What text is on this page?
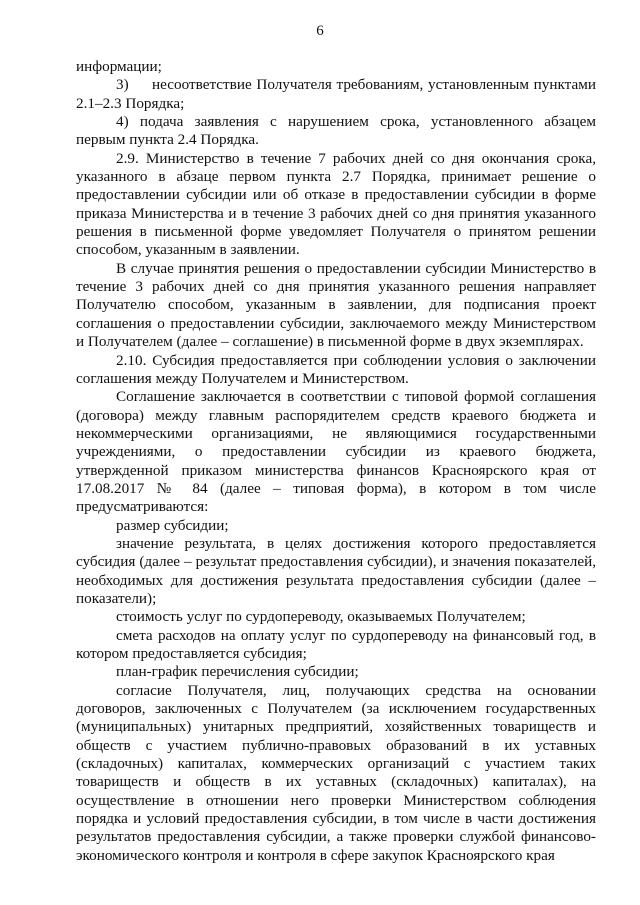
6

информации;

3)     несоответствие Получателя требованиям, установленным пунктами 2.1–2.3 Порядка;

4) подача заявления с нарушением срока, установленного абзацем первым пункта 2.4 Порядка.

2.9. Министерство в течение 7 рабочих дней со дня окончания срока, указанного в абзаце первом пункта 2.7 Порядка, принимает решение о предоставлении субсидии или об отказе в предоставлении субсидии в форме приказа Министерства и в течение 3 рабочих дней со дня принятия указанного решения в письменной форме уведомляет Получателя о принятом решении способом, указанным в заявлении.

В случае принятия решения о предоставлении субсидии Министерство в течение 3 рабочих дней со дня принятия указанного решения направляет Получателю способом, указанным в заявлении, для подписания проект соглашения о предоставлении субсидии, заключаемого между Министерством и Получателем (далее – соглашение) в письменной форме в двух экземплярах.

2.10. Субсидия предоставляется при соблюдении условия о заключении соглашения между Получателем и Министерством.

Соглашение заключается в соответствии с типовой формой соглашения (договора) между главным распорядителем средств краевого бюджета и некоммерческими организациями, не являющимися государственными учреждениями, о предоставлении субсидии из краевого бюджета, утвержденной приказом министерства финансов Красноярского края от 17.08.2017 № 84 (далее – типовая форма), в котором в том числе предусматриваются:

размер субсидии;

значение результата, в целях достижения которого предоставляется субсидия (далее – результат предоставления субсидии), и значения показателей, необходимых для достижения результата предоставления субсидии (далее – показатели);

стоимость услуг по сурдопереводу, оказываемых Получателем;

смета расходов на оплату услуг по сурдопереводу на финансовый год, в котором предоставляется субсидия;

план-график перечисления субсидии;

согласие Получателя, лиц, получающих средства на основании договоров, заключенных с Получателем (за исключением государственных (муниципальных) унитарных предприятий, хозяйственных товариществ и обществ с участием публично-правовых образований в их уставных (складочных) капиталах, коммерческих организаций с участием таких товариществ и обществ в их уставных (складочных) капиталах), на осуществление в отношении него проверки Министерством соблюдения порядка и условий предоставления субсидии, в том числе в части достижения результатов предоставления субсидии, а также проверки службой финансово-экономического контроля и контроля в сфере закупок Красноярского края
